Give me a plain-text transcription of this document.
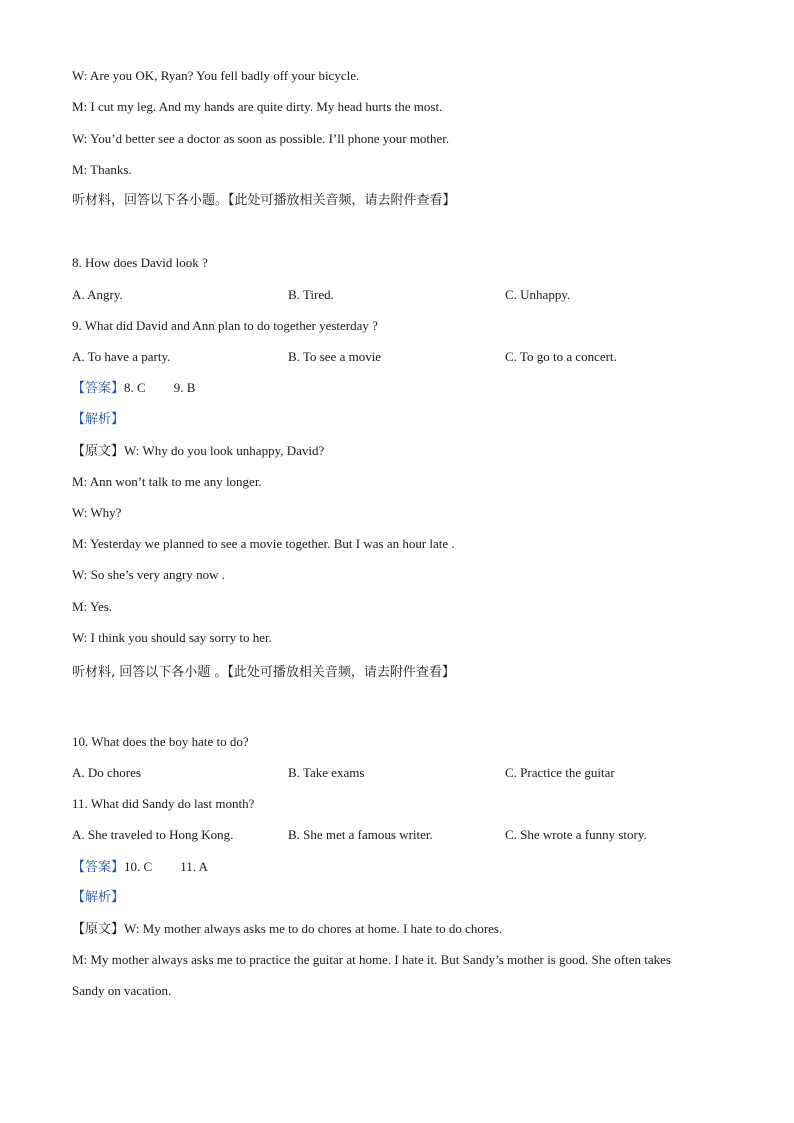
W: Are you OK, Ryan? You fell badly off your bicycle.
M: I cut my leg. And my hands are quite dirty. My head hurts the most.
W: You’d better see a doctor as soon as possible. I’ll phone your mother.
M: Thanks.
听材料，回答以下各小题。【此处可播放相关音频，请去附件查看】
8. How does David look ?
A. Angry.	B. Tired.	C. Unhappy.
9. What did David and Ann plan to do together yesterday ?
A. To have a party.	B. To see a movie	C. To go to a concert.
【答案】8. C 9. B
【解析】
【原文】W: Why do you look unhappy, David?
M: Ann won’t talk to me any longer.
W: Why?
M: Yesterday we planned to see a movie together. But I was an hour late .
W: So she’s very angry now .
M: Yes.
W: I think you should say sorry to her.
听材料, 回答以下各小题 。【此处可播放相关音频，请去附件查看】
10. What does the boy hate to do?
A. Do chores	B. Take exams	C. Practice the guitar
11. What did Sandy do last month?
A. She traveled to Hong Kong.	B. She met a famous writer.	C. She wrote a funny story.
【答案】10. C 11. A
【解析】
【原文】W: My mother always asks me to do chores at home. I hate to do chores.
M: My mother always asks me to practice the guitar at home. I hate it. But Sandy’s mother is good. She often takes
Sandy on vacation.
